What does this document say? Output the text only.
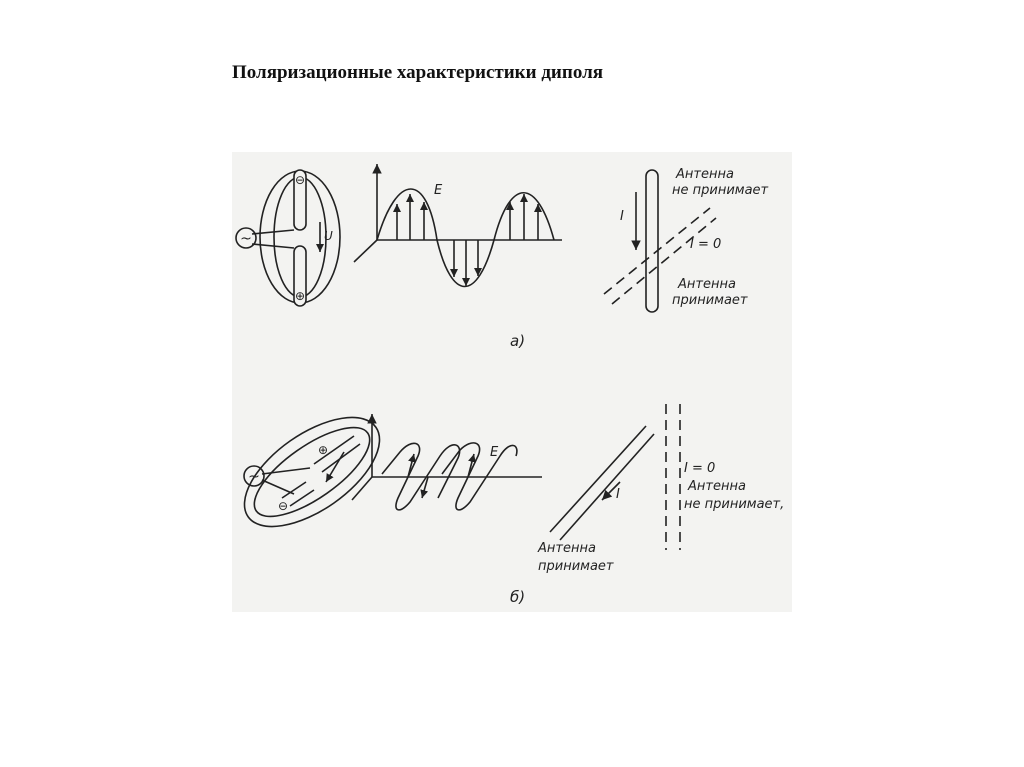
Поляризационные характеристики диполя
~
⊖
⊕
U
E
I
I = 0
Антенна
не принимает
Антенна
принимает
а)
~
⊕
⊖
E
I
I = 0
Антенна
не принимает,
Антенна
принимает
б)
